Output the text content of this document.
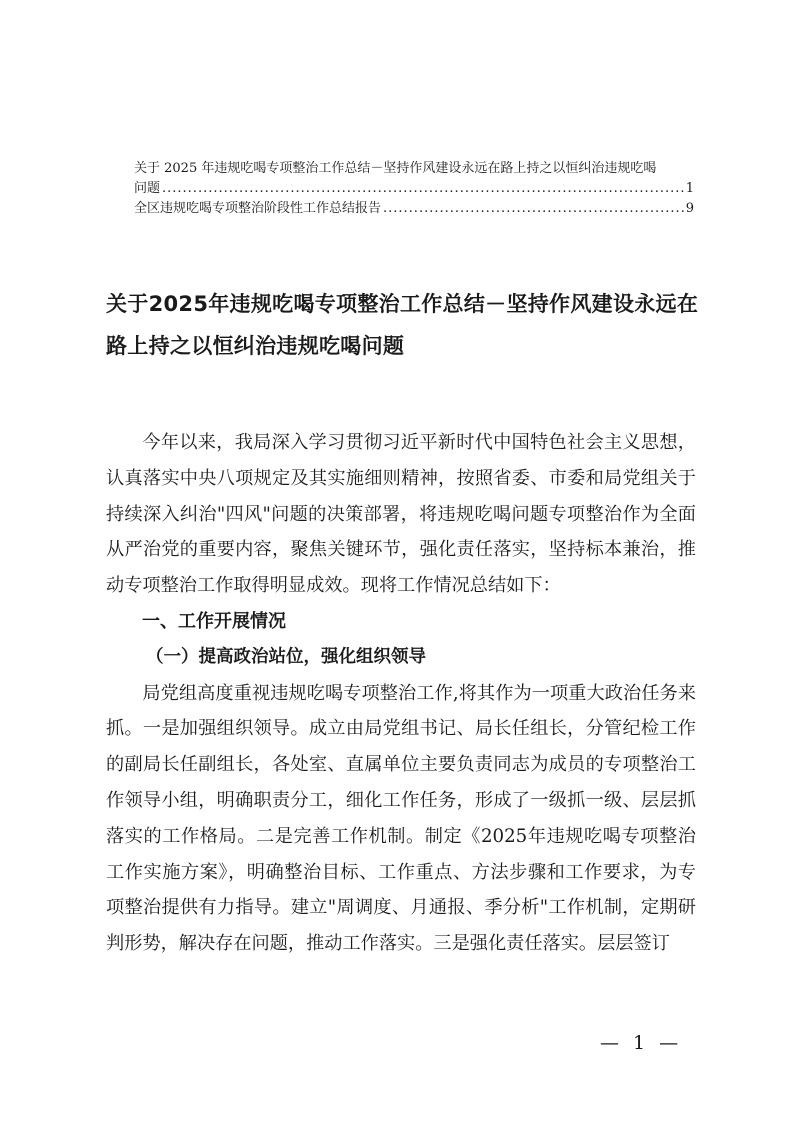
关于 2025 年违规吃喝专项整治工作总结－坚持作风建设永远在路上持之以恒纠治违规吃喝
问题 .....	1
全区违规吃喝专项整治阶段性工作总结报告 .....	9
关于2025年违规吃喝专项整治工作总结－坚持作风建设永远在路上持之以恒纠治违规吃喝问题

今年以来，我局深入学习贯彻习近平新时代中国特色社会主义思想，认真落实中央八项规定及其实施细则精神，按照省委、市委和局党组关于持续深入纠治"四风"问题的决策部署，将违规吃喝问题专项整治作为全面从严治党的重要内容，聚焦关键环节，强化责任落实，坚持标本兼治，推动专项整治工作取得明显成效。现将工作情况总结如下：

一、工作开展情况

（一）提高政治站位，强化组织领导

局党组高度重视违规吃喝专项整治工作,将其作为一项重大政治任务来抓。一是加强组织领导。成立由局党组书记、局长任组长，分管纪检工作的副局长任副组长，各处室、直属单位主要负责同志为成员的专项整治工作领导小组，明确职责分工，细化工作任务，形成了一级抓一级、层层抓落实的工作格局。二是完善工作机制。制定《2025年违规吃喝专项整治工作实施方案》，明确整治目标、工作重点、方法步骤和工作要求，为专项整治提供有力指导。建立"周调度、月通报、季分析"工作机制，定期研判形势，解决存在问题，推动工作落实。三是强化责任落实。层层签订

— 1 —
